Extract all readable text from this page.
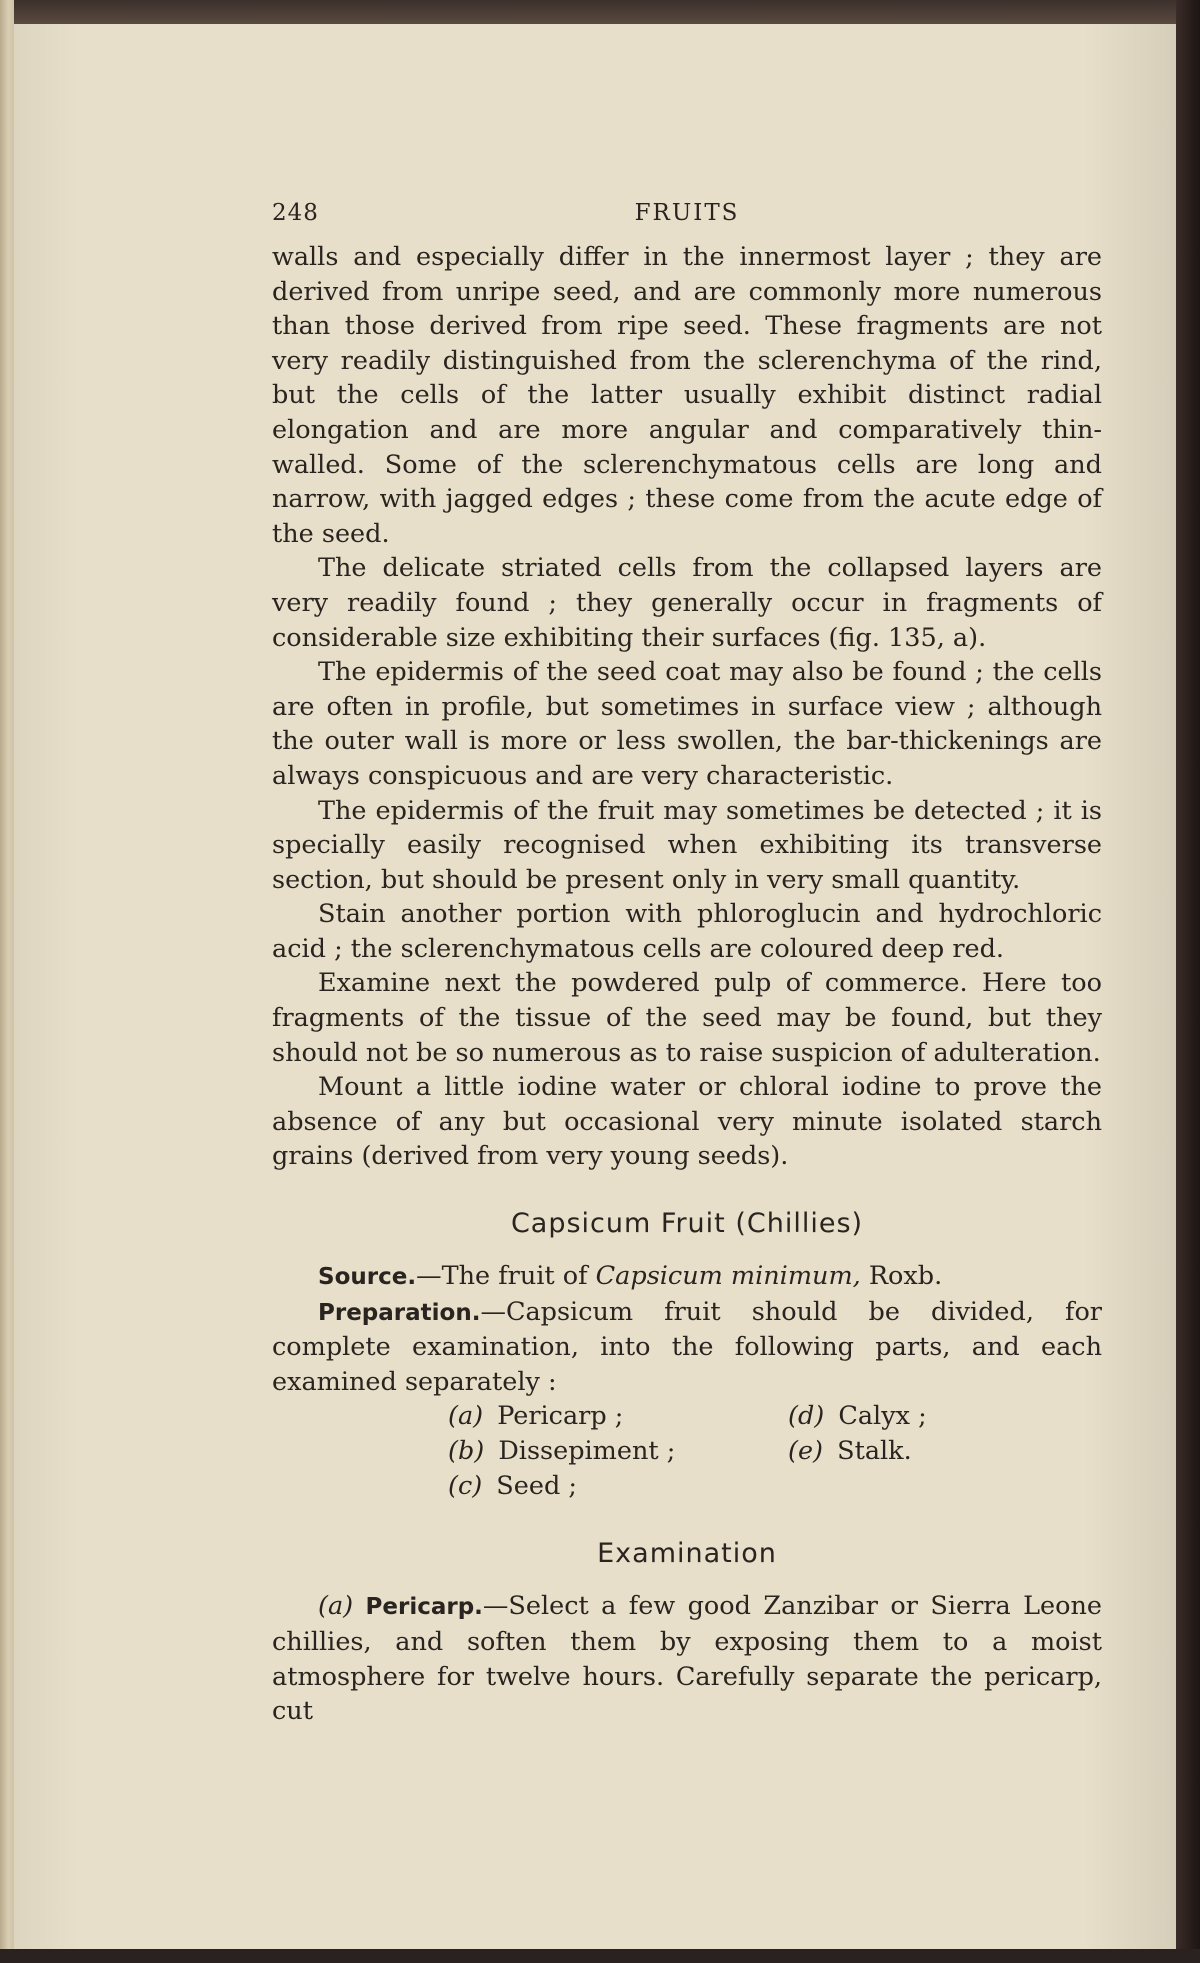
248	FRUITS

walls and especially differ in the innermost layer ; they are derived from unripe seed, and are commonly more numerous than those derived from ripe seed. These fragments are not very readily distinguished from the sclerenchyma of the rind, but the cells of the latter usually exhibit distinct radial elongation and are more angular and comparatively thin-walled. Some of the sclerenchymatous cells are long and narrow, with jagged edges ; these come from the acute edge of the seed.

The delicate striated cells from the collapsed layers are very readily found ; they generally occur in fragments of considerable size exhibiting their surfaces (fig. 135, a).

The epidermis of the seed coat may also be found ; the cells are often in profile, but sometimes in surface view ; although the outer wall is more or less swollen, the bar-thickenings are always conspicuous and are very characteristic.

The epidermis of the fruit may sometimes be detected ; it is specially easily recognised when exhibiting its transverse section, but should be present only in very small quantity.

Stain another portion with phloroglucin and hydrochloric acid ; the sclerenchymatous cells are coloured deep red.

Examine next the powdered pulp of commerce. Here too fragments of the tissue of the seed may be found, but they should not be so numerous as to raise suspicion of adulteration.

Mount a little iodine water or chloral iodine to prove the absence of any but occasional very minute isolated starch grains (derived from very young seeds).

Capsicum Fruit (Chillies)

Source.—The fruit of Capsicum minimum, Roxb.

Preparation.—Capsicum fruit should be divided, for complete examination, into the following parts, and each examined separately :

(a) Pericarp ;	(d) Calyx ;
(b) Dissepiment ;	(e) Stalk.
(c) Seed ;
Examination

(a) Pericarp.—Select a few good Zanzibar or Sierra Leone chillies, and soften them by exposing them to a moist atmosphere for twelve hours. Carefully separate the pericarp, cut
